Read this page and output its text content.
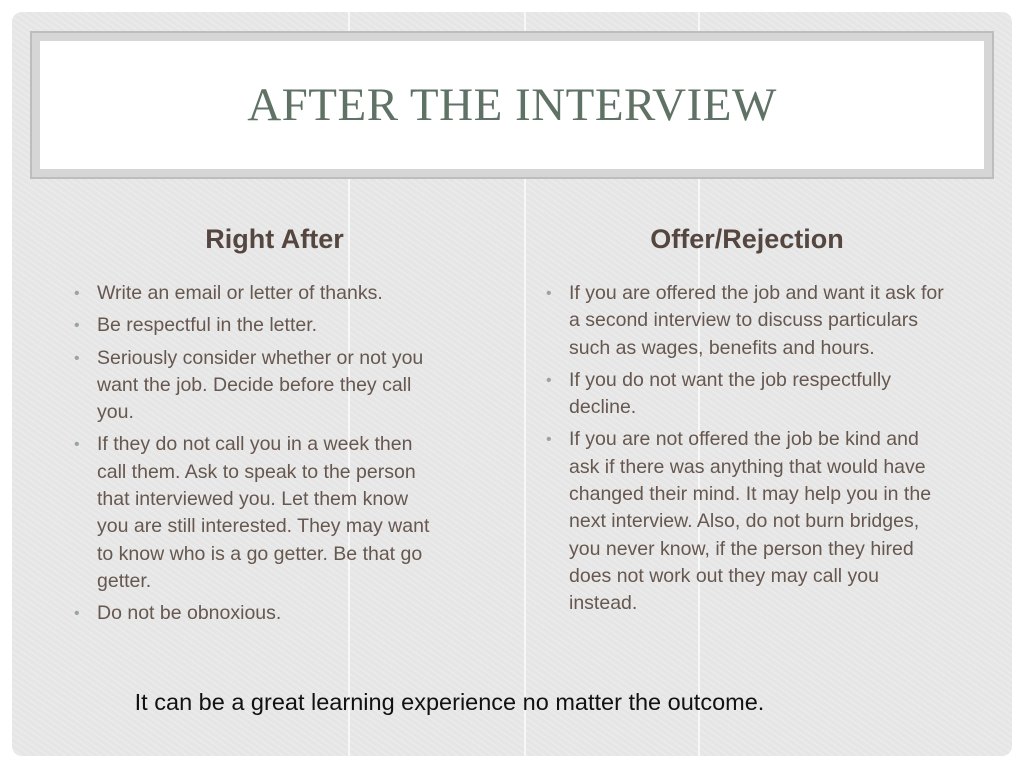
AFTER THE INTERVIEW
Right After
• Write an email or letter of thanks.
• Be respectful in the letter.
• Seriously consider whether or not you want the job. Decide before they call you.
• If they do not call you in a week then call them. Ask to speak to the person that interviewed you. Let them know you are still interested. They may want to know who is a go getter. Be that go getter.
• Do not be obnoxious.
Offer/Rejection
• If you are offered the job and want it ask for a second interview to discuss particulars such as wages, benefits and hours.
• If you do not want the job respectfully decline.
• If you are not offered the job be kind and ask if there was anything that would have changed their mind. It may help you in the next interview. Also, do not burn bridges, you never know, if the person they hired does not work out they may call you instead.

It can be a great learning experience no matter the outcome.
